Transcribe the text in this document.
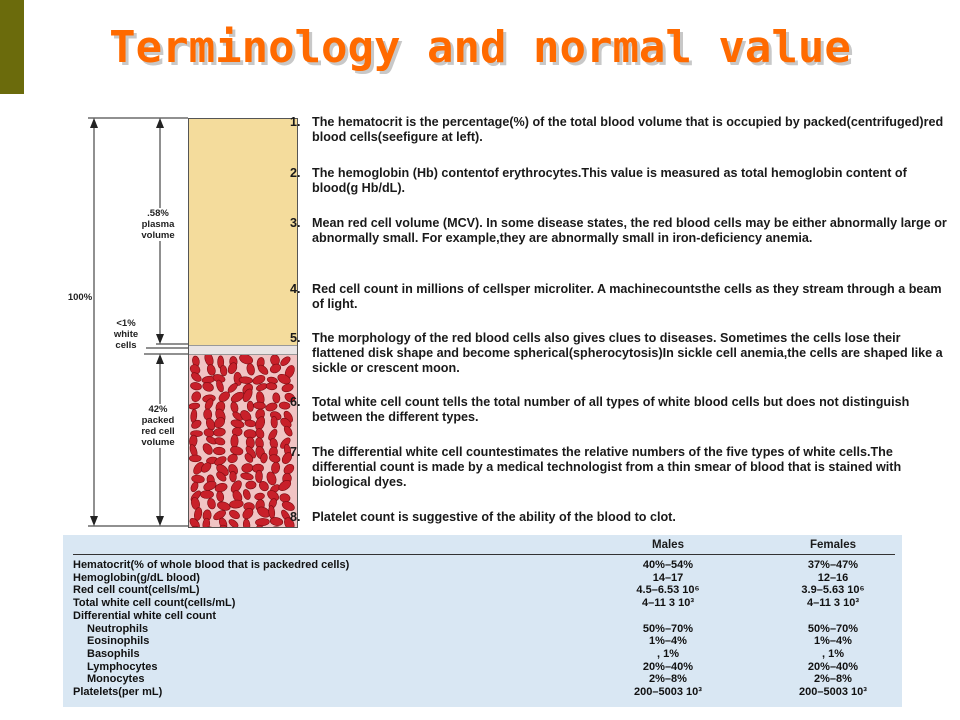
Terminology and normal value
100%
.58%
plasma
volume
<1%
white
cells
42%
packed
red cell
volume
1. The hematocrit is the percentage(%) of the total blood volume that is occupied by packed(centrifuged)red blood cells(seefigure at left).
2. The hemoglobin (Hb) contentof erythrocytes.This value is measured as total hemoglobin content of blood(g Hb/dL).
3. Mean red cell volume (MCV). In some disease states, the red blood cells may be either abnormally large or abnormally small. For example,they are abnormally small in iron-deficiency anemia.
4. Red cell count in millions of cellsper microliter. A machinecountsthe cells as they stream through a beam of light.
5. The morphology of the red blood cells also gives clues to diseases. Sometimes the cells lose their flattened disk shape and become spherical(spherocytosis)In sickle cell anemia,the cells are shaped like a sickle or crescent moon.
6. Total white cell count tells the total number of all types of white blood cells but does not distinguish between the different types.
7. The differential white cell countestimates the relative numbers of the five types of white cells.The differential count is made by a medical technologist from a thin smear of blood that is stained with biological dyes.
8. Platelet count is suggestive of the ability of the blood to clot.
Males	Females
Hematocrit(% of whole blood that is packedred cells)	40%–54%	37%–47%
Hemoglobin(g/dL blood)	14–17	12–16
Red cell count(cells/mL)	4.5–6.53 10⁶	3.9–5.63 10⁶
Total white cell count(cells/mL)	4–11 3 10³	4–11 3 10³
Differential white cell count
Neutrophils	50%–70%	50%–70%
Eosinophils	1%–4%	1%–4%
Basophils	, 1%	, 1%
Lymphocytes	20%–40%	20%–40%
Monocytes	2%–8%	2%–8%
Platelets(per mL)	200–5003 10³	200–5003 10³
